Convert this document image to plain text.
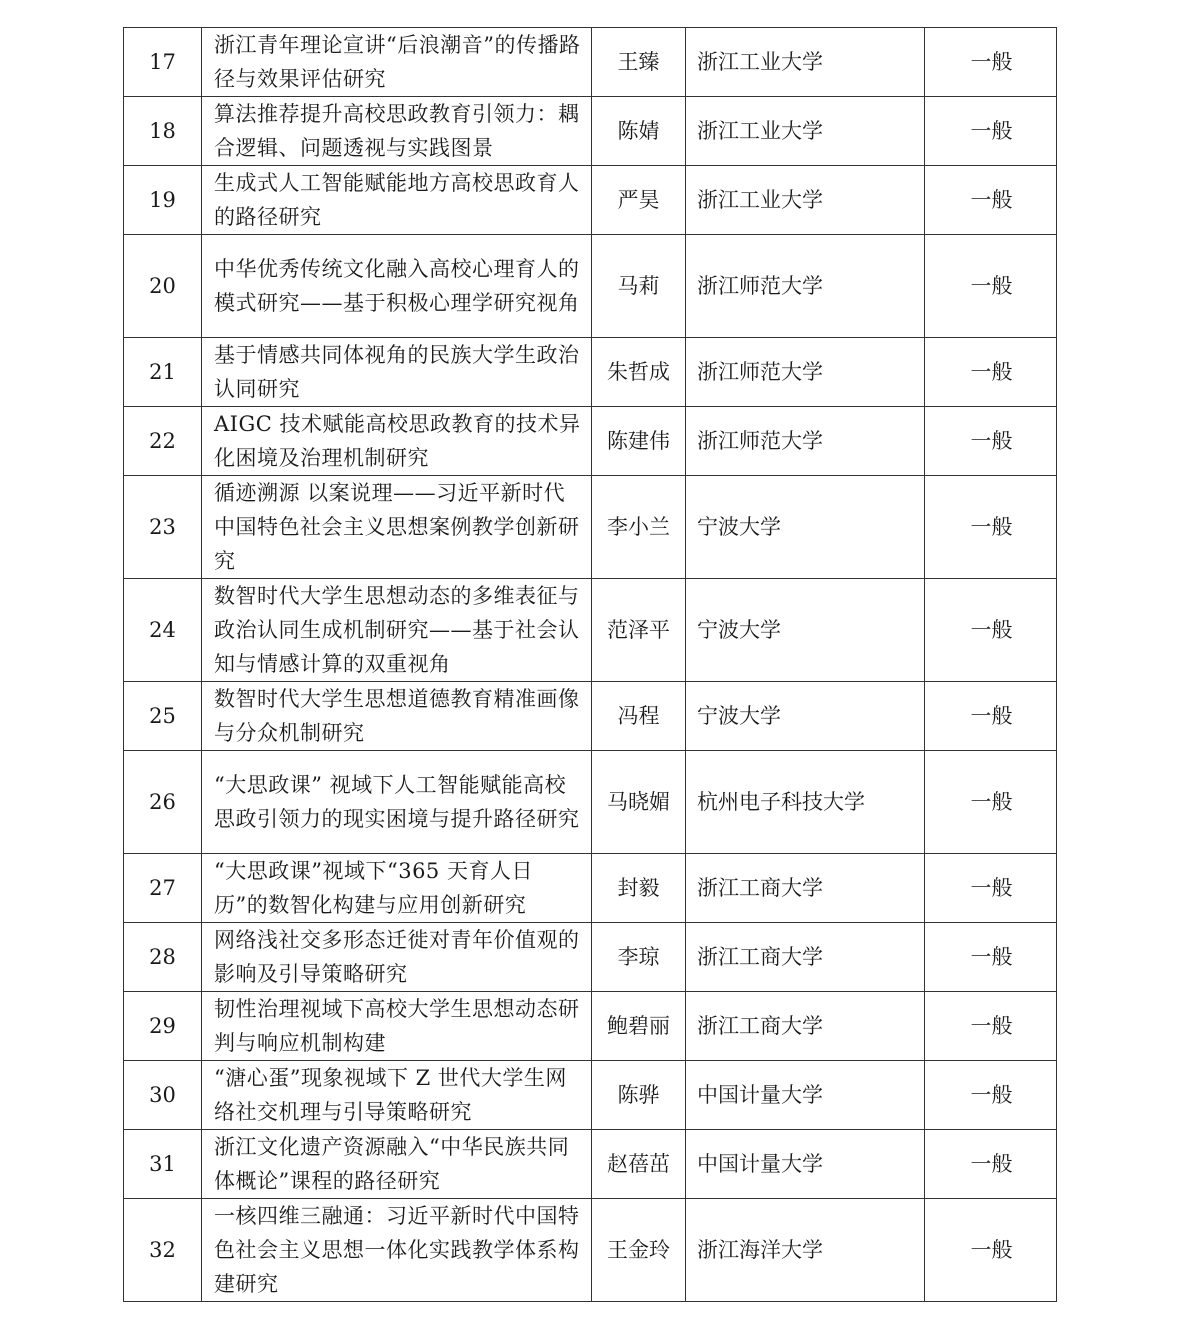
17	浙江青年理论宣讲“后浪潮音”的传播路径与效果评估研究	王臻	浙江工业大学	一般
18	算法推荐提升高校思政教育引领力：耦合逻辑、问题透视与实践图景	陈婧	浙江工业大学	一般
19	生成式人工智能赋能地方高校思政育人的路径研究	严昊	浙江工业大学	一般
20	中华优秀传统文化融入高校心理育人的模式研究——基于积极心理学研究视角	马莉	浙江师范大学	一般
21	基于情感共同体视角的民族大学生政治认同研究	朱哲成	浙江师范大学	一般
22	AIGC 技术赋能高校思政教育的技术异化困境及治理机制研究	陈建伟	浙江师范大学	一般
23	循迹溯源 以案说理——习近平新时代中国特色社会主义思想案例教学创新研究	李小兰	宁波大学	一般
24	数智时代大学生思想动态的多维表征与政治认同生成机制研究——基于社会认知与情感计算的双重视角	范泽平	宁波大学	一般
25	数智时代大学生思想道德教育精准画像与分众机制研究	冯程	宁波大学	一般
26	“大思政课” 视域下人工智能赋能高校思政引领力的现实困境与提升路径研究	马晓媚	杭州电子科技大学	一般
27	“大思政课”视域下“365 天育人日历”的数智化构建与应用创新研究	封毅	浙江工商大学	一般
28	网络浅社交多形态迁徙对青年价值观的影响及引导策略研究	李琼	浙江工商大学	一般
29	韧性治理视域下高校大学生思想动态研判与响应机制构建	鲍碧丽	浙江工商大学	一般
30	“溏心蛋”现象视域下 Z 世代大学生网络社交机理与引导策略研究	陈骅	中国计量大学	一般
31	浙江文化遗产资源融入“中华民族共同体概论”课程的路径研究	赵蓓茁	中国计量大学	一般
32	一核四维三融通：习近平新时代中国特色社会主义思想一体化实践教学体系构建研究	王金玲	浙江海洋大学	一般
